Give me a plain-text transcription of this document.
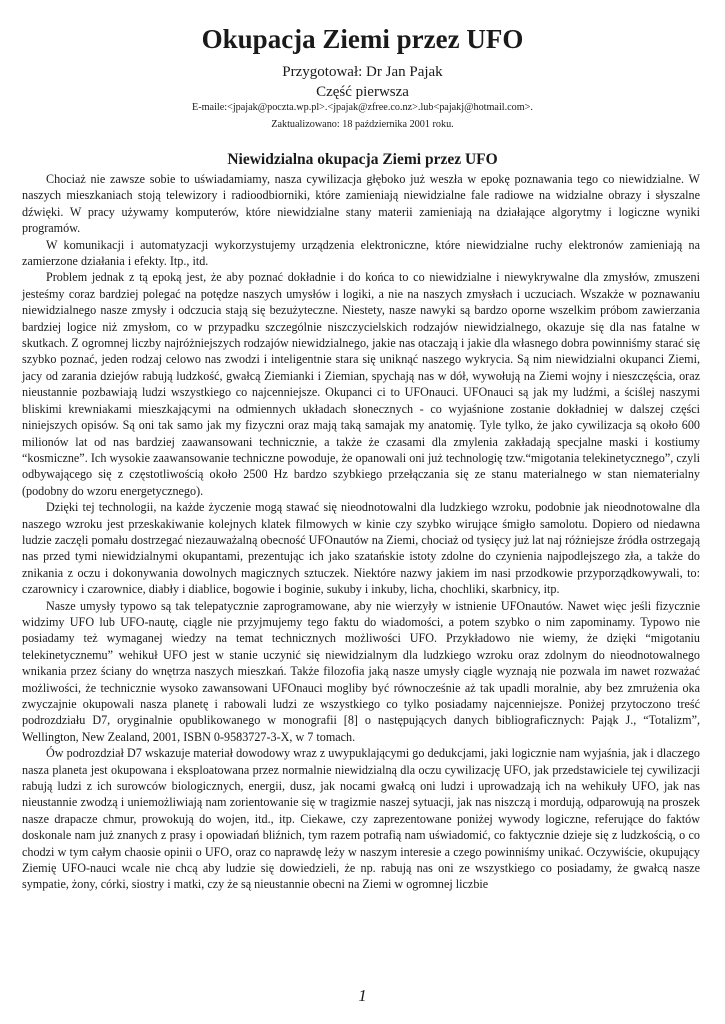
Okupacja Ziemi przez UFO

Przygotował: Dr Jan Pajak

Część pierwsza

E-maile:<jpajak@poczta.wp.pl>.<jpajak@zfree.co.nz>.lub<pajakj@hotmail.com>.

Zaktualizowano: 18 października 2001 roku.

Niewidzialna okupacja Ziemi przez UFO

Chociaż nie zawsze sobie to uświadamiamy, nasza cywilizacja głęboko już weszła w epokę poznawania tego co niewidzialne. W naszych mieszkaniach stoją telewizory i radioodbiorniki, które zamieniają niewidzialne fale radiowe na widzialne obrazy i słyszalne dźwięki. W pracy używamy komputerów, które niewidzialne stany materii zamieniają na działające algorytmy i logiczne wyniki programów.

W komunikacji i automatyzacji wykorzystujemy urządzenia elektroniczne, które niewidzialne ruchy elektronów zamieniają na zamierzone działania i efekty. Itp., itd.

Problem jednak z tą epoką jest, że aby poznać dokładnie i do końca to co niewidzialne i niewykrywalne dla zmysłów, zmuszeni jesteśmy coraz bardziej polegać na potędze naszych umysłów i logiki, a nie na naszych zmysłach i uczuciach. Wszakże w poznawaniu niewidzialnego nasze zmysły i odczucia stają się bezużyteczne. Niestety, nasze nawyki są bardzo oporne wszelkim próbom zawierzania bardziej logice niż zmysłom, co w przypadku szczególnie niszczycielskich rodzajów niewidzialnego, okazuje się dla nas fatalne w skutkach. Z ogromnej liczby najróżniejszych rodzajów niewidzialnego, jakie nas otaczają i jakie dla własnego dobra powinniśmy starać się szybko poznać, jeden rodzaj celowo nas zwodzi i inteligentnie stara się uniknąć naszego wykrycia. Są nim niewidzialni okupanci Ziemi, jacy od zarania dziejów rabują ludzkość, gwałcą Ziemianki i Ziemian, spychają nas w dół, wywołują na Ziemi wojny i nieszczęścia, oraz nieustannie pozbawiają ludzi wszystkiego co najcenniejsze. Okupanci ci to UFOnauci. UFOnauci są jak my ludźmi, a ściślej naszymi bliskimi krewniakami mieszkającymi na odmiennych układach słonecznych - co wyjaśnione zostanie dokładniej w dalszej części niniejszych opisów. Są oni tak samo jak my fizyczni oraz mają taką samajak my anatomię. Tyle tylko, że jako cywilizacja są około 600 milionów lat od nas bardziej zaawansowani technicznie, a także że czasami dla zmylenia zakładają specjalne maski i kostiumy “kosmiczne”. Ich wysokie zaawansowanie techniczne powoduje, że opanowali oni już technologię tzw.“migotania telekinetycznego”, czyli odbywającego się z częstotliwością około 2500 Hz bardzo szybkiego przełączania się ze stanu materialnego w stan niematerialny (podobny do wzoru energetycznego).

Dzięki tej technologii, na każde życzenie mogą stawać się nieodnotowalni dla ludzkiego wzroku, podobnie jak nieodnotowalne dla naszego wzroku jest przeskakiwanie kolejnych klatek filmowych w kinie czy szybko wirujące śmigło samolotu. Dopiero od niedawna ludzie zaczęli pomału dostrzegać niezauważalną obecność UFOnautów na Ziemi, chociaż od tysięcy już lat naj różniejsze źródła ostrzegają nas przed tymi niewidzialnymi okupantami, prezentując ich jako szatańskie istoty zdolne do czynienia najpodlejszego zła, a także do znikania z oczu i dokonywania dowolnych magicznych sztuczek. Niektóre nazwy jakiem im nasi przodkowie przyporządkowywali, to: czarownicy i czarownice, diabły i diablice, bogowie i boginie, sukuby i inkuby, licha, chochliki, skarbnicy, itp.

Nasze umysły typowo są tak telepatycznie zaprogramowane, aby nie wierzyły w istnienie UFOnautów. Nawet więc jeśli fizycznie widzimy UFO lub UFO-nautę, ciągle nie przyjmujemy tego faktu do wiadomości, a potem szybko o nim zapominamy. Typowo nie posiadamy też wymaganej wiedzy na temat technicznych możliwości UFO. Przykładowo nie wiemy, że dzięki “migotaniu telekinetycznemu” wehikuł UFO jest w stanie uczynić się niewidzialnym dla ludzkiego wzroku oraz zdolnym do nieodnotowalnego wnikania przez ściany do wnętrza naszych mieszkań. Także filozofia jaką nasze umysły ciągle wyznają nie pozwala im nawet rozważać możliwości, że technicznie wysoko zawansowani UFOnauci mogliby być równocześnie aż tak upadli moralnie, aby bez zmrużenia oka zwyczajnie okupowali nasza planetę i rabowali ludzi ze wszystkiego co tylko posiadamy najcenniejsze. Poniżej przytoczono treść podrozdziału D7, oryginalnie opublikowanego w monografii [8] o następujących danych bibliograficznych: Pająk J., “Totalizm”, Wellington, New Zealand, 2001, ISBN 0-9583727-3-X, w 7 tomach.

Ów podrozdział D7 wskazuje materiał dowodowy wraz z uwypuklającymi go dedukcjami, jaki logicznie nam wyjaśnia, jak i dlaczego nasza planeta jest okupowana i eksploatowana przez normalnie niewidzialną dla oczu cywilizację UFO, jak przedstawiciele tej cywilizacji rabują ludzi z ich surowców biologicznych, energii, dusz, jak nocami gwałcą oni ludzi i uprowadzają ich na wehikuły UFO, jak nas nieustannie zwodzą i uniemożliwiają nam zorientowanie się w tragizmie naszej sytuacji, jak nas niszczą i mordują, odparowują na proszek nasze drapacze chmur, prowokują do wojen, itd., itp. Ciekawe, czy zaprezentowane poniżej wywody logiczne, referujące do faktów doskonale nam już znanych z prasy i opowiadań bliźnich, tym razem potrafią nam uświadomić, co faktycznie dzieje się z ludzkością, o co chodzi w tym całym chaosie opinii o UFO, oraz co naprawdę leży w naszym interesie a czego powinniśmy unikać. Oczywiście, okupujący Ziemię UFO-nauci wcale nie chcą aby ludzie się dowiedzieli, że np. rabują nas oni ze wszystkiego co posiadamy, że gwałcą nasze sympatie, żony, córki, siostry i matki, czy że są nieustannie obecni na Ziemi w ogromnej liczbie

1
